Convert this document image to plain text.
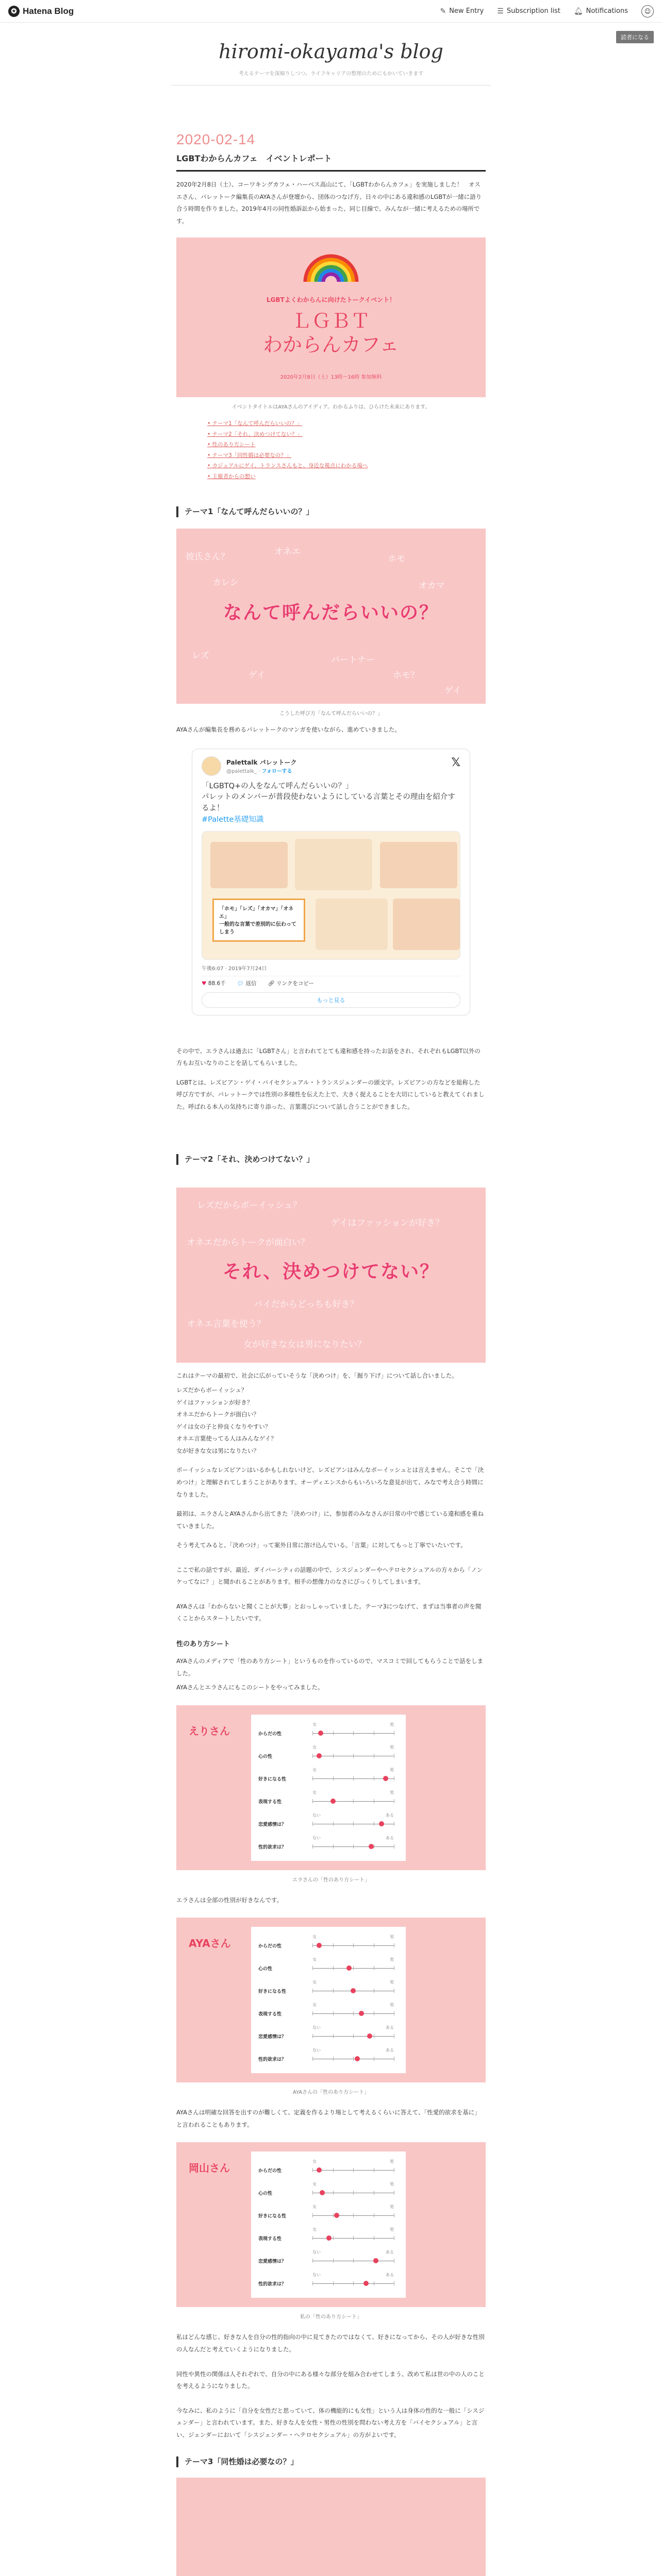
✪ Hatena Blog	✎ New Entry ☰ Subscription list 🔔︎ Notifications	☺
読者になる
hiromi-okayama's blog
考えるテーマを深堀りしつつ、ライフキャリアの整理のためにもかいていきます
2020-02-14
LGBTわからんカフェ　イベントレポート
2020年2月8日（土）、コーワキングカフェ・ハーベス高山にて、「LGBTわからんカフェ」を実施しました！　オスエさん、パレットーク編集長のAYAさんが登壇から、団体のつなげ方、日々の中にある違和感のLGBTが一緒に語り合う時間を作りました。2019年4月の同性婚訴訟から始まった、同じ目線で、みんなが一緒に考えるための場所です。
LGBTよくわからんに向けたトークイベント！
ＬＧＢＴ
わからんカフェ
2020年2月8日（土）13時〜16時 参加無料
イベントタイトルはAYAさんのアイディア。わかるふりは、ひらけた未来にあります。
• テーマ1「なんて呼んだらいいの？」
• テーマ2「それ、決めつけてない？」
• 性のあり方シート
• テーマ3「同性婚は必要なの？」
• カジュアルにゲイ、トランスさんもと、身近な視点にわかる場へ
• 主催者からの想い
テーマ1「なんて呼んだらいいの？」
彼氏さん？	オネエ
ホモ
カレシ	オカマ
レズ
ゲイ
パートナー
ホモ？
ゲイ
なんて呼んだらいいの？
こうした呼び方「なんて呼んだらいいの？」
AYAさんが編集長を務めるパレットークのマンガを使いながら、進めていきました。
Palettalk パレットーク
@palettalk_ · フォローする
𝕏
「LGBTQ+の人をなんて呼んだらいいの？」
パレットのメンバーが普段使わないようにしている言葉とその理由を紹介するよ！
#Palette基礎知識
「ホモ」「レズ」「オカマ」「オネエ」
一般的な言葉で差別的に伝わってしまう
午後6:07 · 2019年7月24日
♥ 88.6千 💬︎ 返信 🔗︎ リンクをコピー
もっと見る
その中で、エラさんは過去に「LGBTさん」と言われてとても違和感を持ったお話をされ、それぞれもLGBT以外の方もお互いなりのことを話してもらいました。
LGBTとは、レズビアン・ゲイ・バイセクシュアル・トランスジェンダーの頭文字。レズビアンの方などを総称した呼び方ですが、パレットークでは性別の多様性を伝えた上で、大きく捉えることを大切にしていると教えてくれました。呼ばれる本人の気持ちに寄り添った、言葉選びについて話し合うことができました。
テーマ2「それ、決めつけてない？」
レズだからボーイッシュ？
ゲイはファッションが好き？
オネエだからトークが面白い？
バイだからどっちも好き？
オネエ言葉を使う？
女が好きな女は男になりたい？
それ、決めつけてない？
これはテーマの最初で、社会に広がっていそうな「決めつけ」を、「掘り下げ」について話し合いました。
レズだからボーイッシュ？
ゲイはファッションが好き？
オネエだからトークが面白い？
ゲイは女の子と仲良くなりやすい？
オネエ言葉使ってる人はみんなゲイ？
女が好きな女は男になりたい？
ボーイッシュなレズビアンはいるかもしれないけど、レズビアンはみんなボーイッシュとは言えません。そこで「決めつけ」と理解されてしまうことがあります。オーディエンスからもいろいろな意見が出て、みなで考え合う時間になりました。
最初は、エラさんとAYAさんから出てきた「決めつけ」に、参加者のみなさんが日常の中で感じている違和感を重ねていきました。
そう考えてみると、「決めつけ」って案外日常に溶け込んでいる。「言葉」に対してもっと丁寧でいたいです。
ここで私の話ですが、最近、ダイバーシティの話題の中で、シスジェンダーやヘテロセクシュアルの方々から「ノンケってなに？」と聞かれることがあります。相手の想像力のなさにびっくりしてしまいます。
AYAさんは「わからないと聞くことが大事」とおっしゃっていました。テーマ3につなげて、まずは当事者の声を聞くことからスタートしたいです。
性のあり方シート
AYAさんのメディアで「性のあり方シート」というものを作っているので、マスコミで回してもらうことで話をしました。
AYAさんとエラさんにもこのシートをやってみました。
えりさん	からだの性
女	男
心の性
女	男
好きになる性
女	男
表現する性
女	男
恋愛感情は？
ない	ある
性的欲求は？
ない	ある
エラさんの「性のあり方シート」
エラさんは全部の性別が好きなんです。
AYAさん	からだの性
女	男
心の性
女	男
好きになる性
女	男
表現する性
女	男
恋愛感情は？
ない	ある
性的欲求は？
ない	ある
AYAさんの「性のあり方シート」
AYAさんは明確な回答を出すのが難しくて、定義を作るより場として考えるくらいに答えて、「性愛的欲求を基に」と言われることもあります。
岡山さん	からだの性
女	男
心の性
女	男
好きになる性
女	男
表現する性
女	男
恋愛感情は？
ない	ある
性的欲求は？
ない	ある
私の「性のあり方シート」
私はどんな感じ、好きな人を自分の性的指向の中に見てきたのではなくて、好きになってから、その人が好きな性別の人なんだと考えていくようになりました。
同性や異性の関係は人それぞれで、自分の中にある様々な部分を組み合わせてしまう、改めて私は世の中の人のことを考えるようになりました。
今なみに、私のように「自分を女性だと思っていて、体の機能的にも女性」という人は身体の性的な一般に「シスジェンダー」と言われています。また、好きな人を女性・男性の性別を問わない考え方を「バイセクシュアル」と言い、ジェンダーにおいて「シスジェンダー・ヘテロセクシュアル」の方がよいです。
テーマ3「同性婚は必要なの？」
